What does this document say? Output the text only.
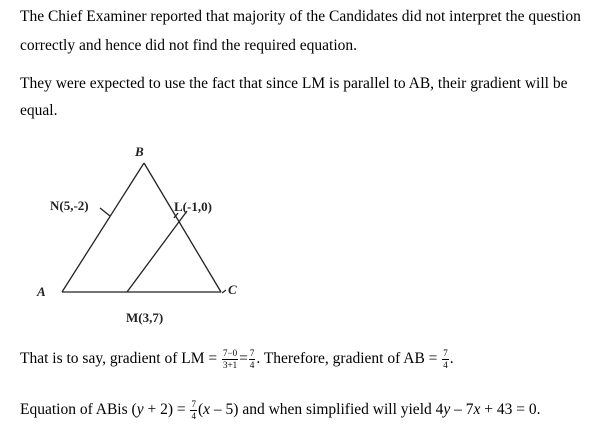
The Chief Examiner reported that majority of the Candidates did not interpret the question
correctly and hence did not find the required equation.
They were expected to use the fact that since LM is parallel to AB, their gradient will be
equal.
B
N(5,-2)	L(-1,0)
A	C
M(3,7)
That is to say, gradient of LM = $\frac{7-0}{3+1} = \frac{7}{4}$ . Therefore, gradient of AB = $\frac{7}{4}$ .
Equation of ABis $(y + 2) = \frac{7}{4} (x - 5)$ and when simplified will yield 4y – 7x + 43 = 0.
